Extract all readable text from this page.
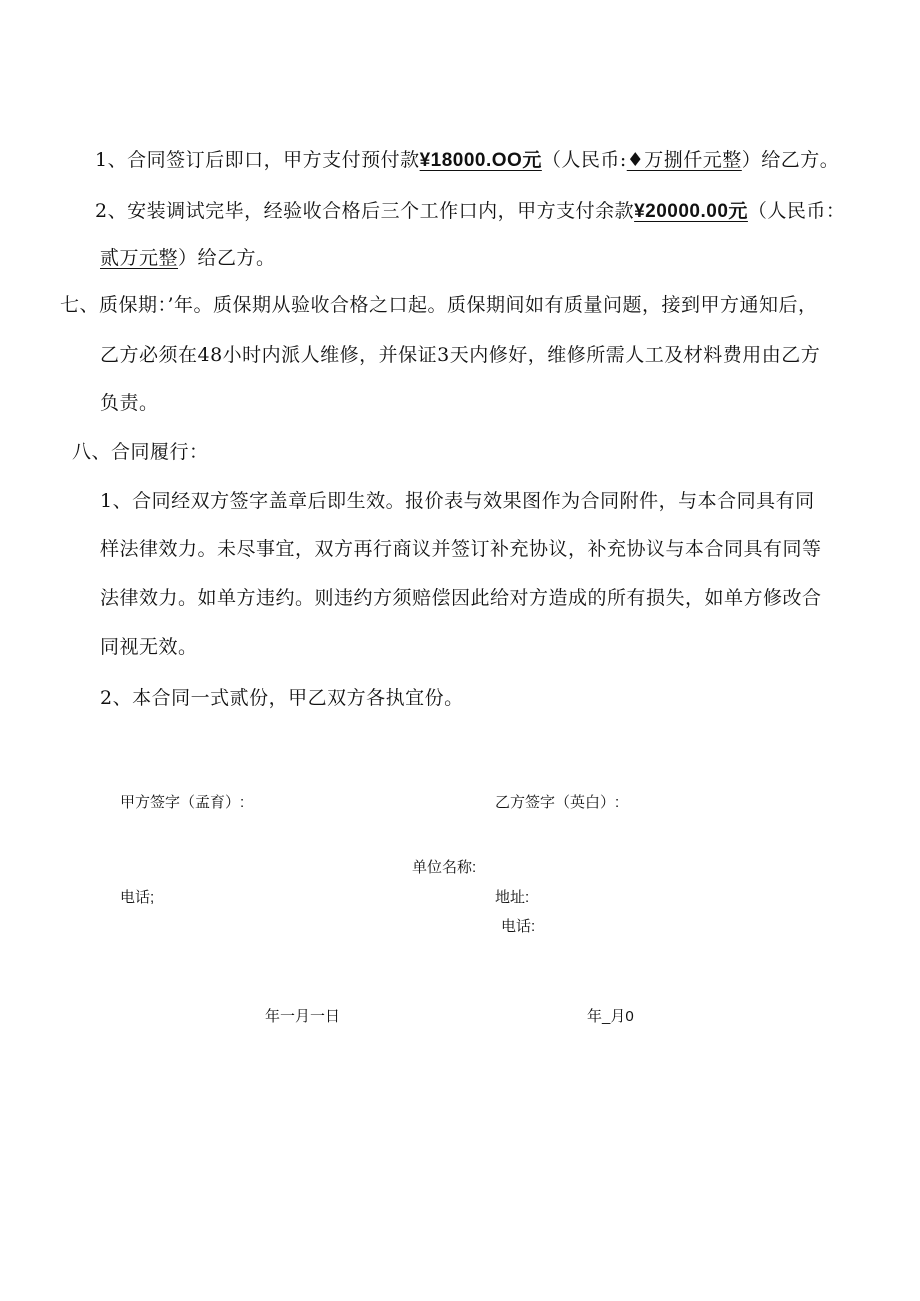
1、合同签订后即口，甲方支付预付款¥18000.OO元（人民币:♦万捌仟元整）给乙方。
2、安装调试完毕，经验收合格后三个工作口内，甲方支付余款¥20000.00元（人民币：
贰万元整）给乙方。
七、质保期：’年。质保期从验收合格之口起。质保期间如有质量问题，接到甲方通知后，
乙方必须在48小时内派人维修，并保证3天内修好，维修所需人工及材料费用由乙方
负责。
八、合同履行：
1、合同经双方签字盖章后即生效。报价表与效果图作为合同附件，与本合同具有同
样法律效力。未尽事宜，双方再行商议并签订补充协议，补充协议与本合同具有同等
法律效力。如单方违约。则违约方须赔偿因此给对方造成的所有损失，如单方修改合
同视无效。
2、本合同一式贰份，甲乙双方各执宜份。
甲方签字（孟育）:	乙方签字（英白）:
单位名称:
电话;	地址:
电话:
年一月一日	年_月0
